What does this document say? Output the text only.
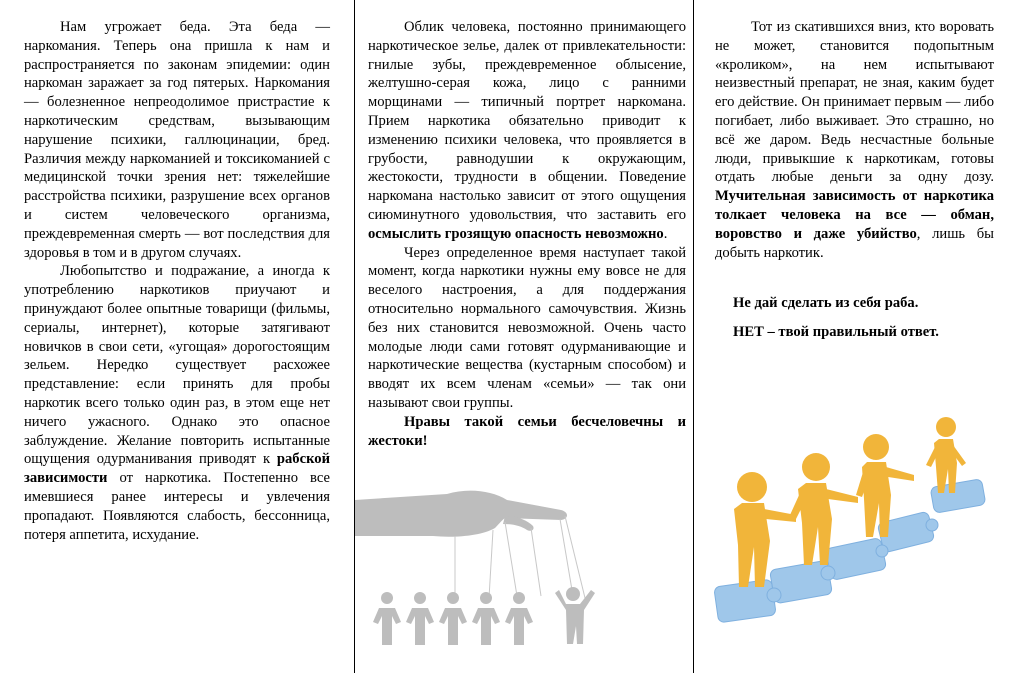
Нам угрожает беда. Эта беда — наркомания. Теперь она пришла к нам и распространяется по законам эпидемии: один наркоман заражает за год пятерых. Наркомания — болезненное непреодолимое пристрастие к наркотическим средствам, вызывающим нарушение психики, галлюцинации, бред. Различия между наркоманией и токсикоманией с медицинской точки зрения нет: тяжелейшие расстройства психики, разрушение всех органов и систем человеческого организма, преждевременная смерть — вот последствия для здоровья в том и в другом случаях.

Любопытство и подражание, а иногда к употреблению наркотиков приучают и принуждают более опытные товарищи (фильмы, сериалы, интернет), которые затягивают новичков в свои сети, «угощая» дорогостоящим зельем. Нередко существует расхожее представление: если принять для пробы наркотик всего только один раз, в этом еще нет ничего ужасного. Однако это опасное заблуждение. Желание повторить испытанные ощущения одурманивания приводят к рабской зависимости от наркотика. Постепенно все имевшиеся ранее интересы и увлечения пропадают. Появляются слабость, бессонница, потеря аппетита, исхудание.

Облик человека, постоянно принимающего наркотическое зелье, далек от привлекательности: гнилые зубы, преждевременное облысение, желтушно-серая кожа, лицо с ранними морщинами — типичный портрет наркомана. Прием наркотика обязательно приводит к изменению психики человека, что проявляется в грубости, равнодушии к окружающим, жестокости, трудности в общении. Поведение наркомана настолько зависит от этого ощущения сиюминутного удовольствия, что заставить его осмыслить грозящую опасность невозможно.

Через определенное время наступает такой момент, когда наркотики нужны ему вовсе не для веселого настроения, а для поддержания относительно нормального самочувствия. Жизнь без них становится невозможной. Очень часто молодые люди сами готовят одурманивающие и наркотические вещества (кустарным способом) и вводят их всем членам «семьи» — так они называют свои группы.

Нравы такой семьи бесчеловечны и жестоки!

Тот из скатившихся вниз, кто воровать не может, становится подопытным «кроликом», на нем испытывают неизвестный препарат, не зная, каким будет его действие. Он принимает первым — либо погибает, либо выживает. Это страшно, но всё же даром. Ведь несчастные больные люди, привыкшие к наркотикам, готовы отдать любые деньги за одну дозу. Мучительная зависимость от наркотика толкает человека на все — обман, воровство и даже убийство, лишь бы добыть наркотик.

Не дай сделать из себя раба.
НЕТ – твой правильный ответ.
